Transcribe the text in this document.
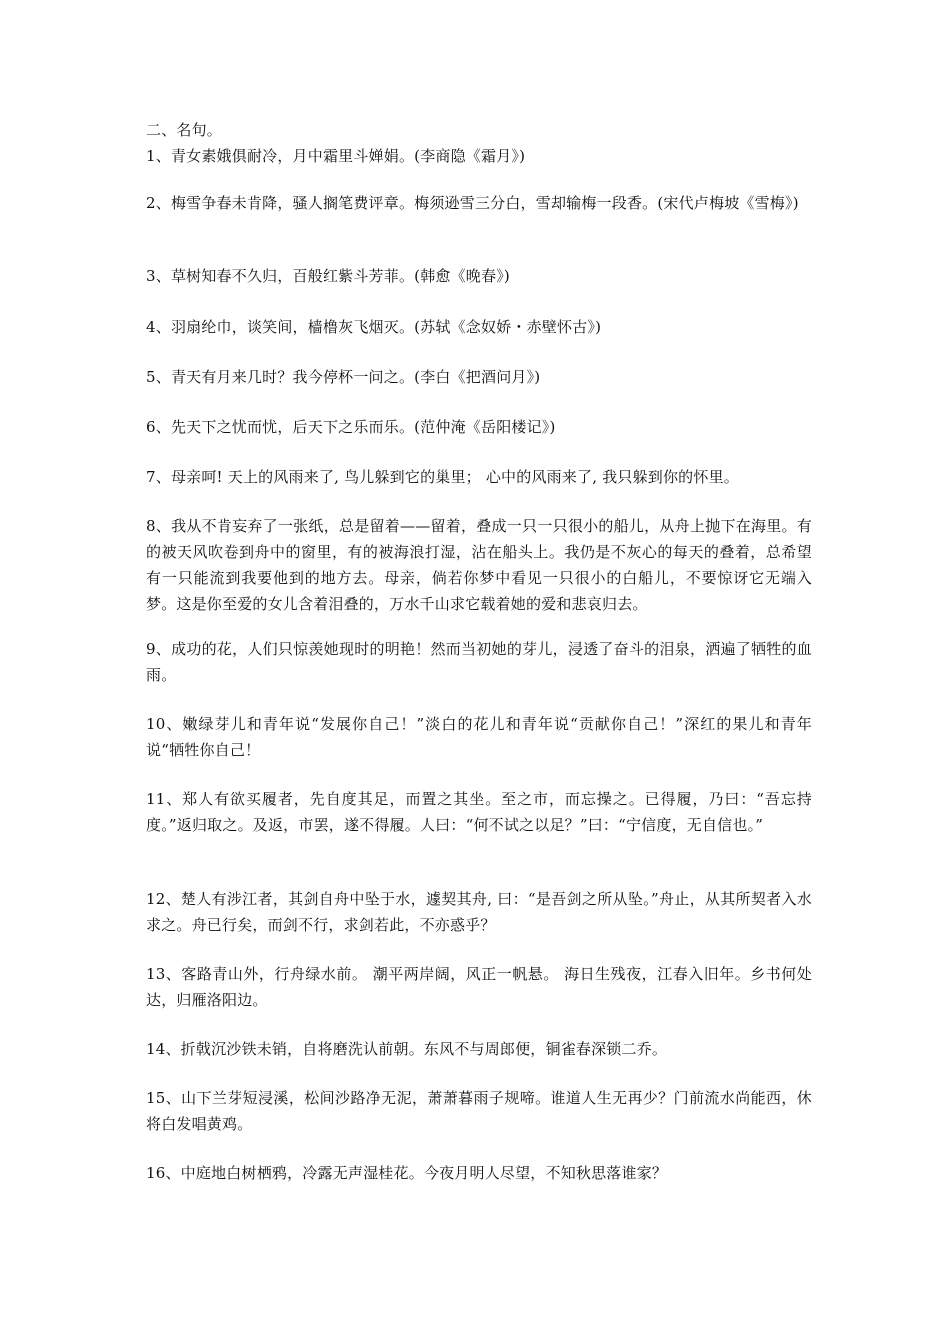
二、名句。

1、青女素娥俱耐冷，月中霜里斗婵娟。(李商隐《霜月》)

2、梅雪争春未肯降，骚人搁笔费评章。梅须逊雪三分白，雪却输梅一段香。(宋代卢梅坡《雪梅》)

3、草树知春不久归，百般红紫斗芳菲。(韩愈《晚春》)

4、羽扇纶巾，谈笑间，樯橹灰飞烟灭。(苏轼《念奴娇・赤壁怀古》)

5、青天有月来几时？我今停杯一问之。(李白《把酒问月》)

6、先天下之忧而忧，后天下之乐而乐。(范仲淹《岳阳楼记》)

7、母亲呵! 天上的风雨来了, 鸟儿躲到它的巢里； 心中的风雨来了, 我只躲到你的怀里。

8、我从不肯妄弃了一张纸，总是留着——留着，叠成一只一只很小的船儿，从舟上抛下在海里。有的被天风吹卷到舟中的窗里，有的被海浪打湿，沾在船头上。我仍是不灰心的每天的叠着，总希望有一只能流到我要他到的地方去。母亲，倘若你梦中看见一只很小的白船儿，不要惊讶它无端入梦。这是你至爱的女儿含着泪叠的，万水千山求它载着她的爱和悲哀归去。

9、成功的花，人们只惊羡她现时的明艳！然而当初她的芽儿，浸透了奋斗的泪泉，洒遍了牺牲的血雨。

10、嫩绿芽儿和青年说“发展你自己！”淡白的花儿和青年说“贡献你自己！”深红的果儿和青年说“牺牲你自己！

11、郑人有欲买履者，先自度其足，而置之其坐。至之市，而忘操之。已得履，乃曰：“吾忘持度。”返归取之。及返，市罢，遂不得履。人曰：“何不试之以足？”曰：“宁信度，无自信也。”

12、楚人有涉江者，其剑自舟中坠于水，遽契其舟, 曰：“是吾剑之所从坠。”舟止，从其所契者入水求之。舟已行矣，而剑不行，求剑若此，不亦惑乎？

13、客路青山外，行舟绿水前。 潮平两岸阔，风正一帆悬。 海日生残夜，江春入旧年。乡书何处达，归雁洛阳边。

14、折戟沉沙铁未销，自将磨洗认前朝。东风不与周郎便，铜雀春深锁二乔。

15、山下兰芽短浸溪，松间沙路净无泥，萧萧暮雨子规啼。谁道人生无再少？门前流水尚能西，休将白发唱黄鸡。

16、中庭地白树栖鸦，冷露无声湿桂花。今夜月明人尽望，不知秋思落谁家？
